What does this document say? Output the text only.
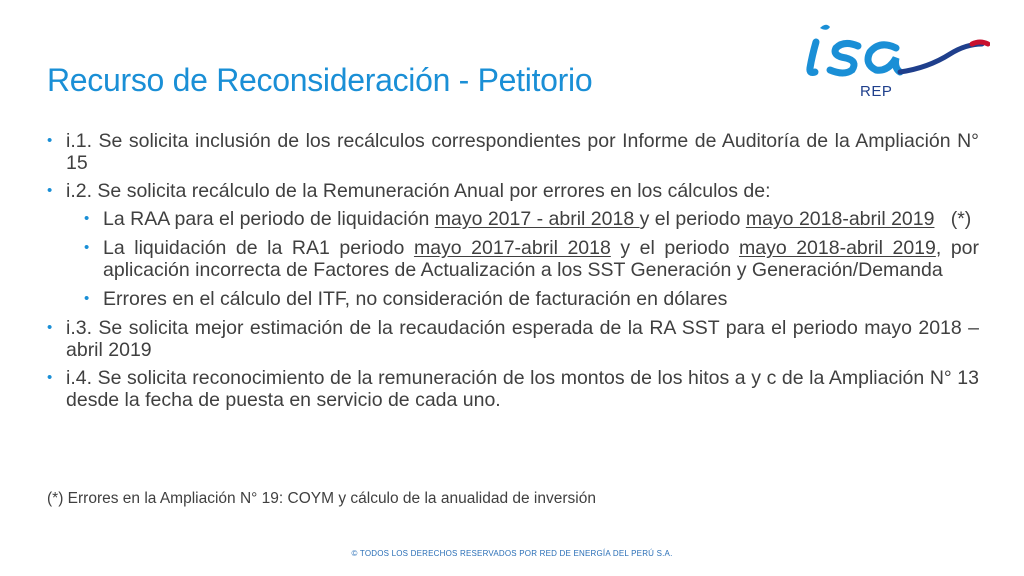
REP
Recurso de Reconsideración - Petitorio
• i.1. Se solicita inclusión de los recálculos correspondientes por Informe de Auditoría de la Ampliación N° 15
• i.2. Se solicita recálculo de la Remuneración Anual por errores en los cálculos de:
• La RAA para el periodo de liquidación mayo 2017 - abril 2018 y el periodo mayo 2018-abril 2019   (*)
• La liquidación de la RA1 periodo mayo 2017-abril 2018 y el periodo mayo 2018-abril 2019, por aplicación incorrecta de Factores de Actualización a los SST Generación y Generación/Demanda
• Errores en el cálculo del ITF, no consideración de facturación en dólares
• i.3. Se solicita mejor estimación de la recaudación esperada de la RA SST para el periodo mayo 2018 – abril 2019
• i.4. Se solicita reconocimiento de la remuneración de los montos de los hitos a y c de la Ampliación N° 13 desde la fecha de puesta en servicio de cada uno.
(*) Errores en la Ampliación N° 19: COYM y cálculo de la anualidad de inversión
© TODOS LOS DERECHOS RESERVADOS POR RED DE ENERGÍA DEL PERÚ S.A.
